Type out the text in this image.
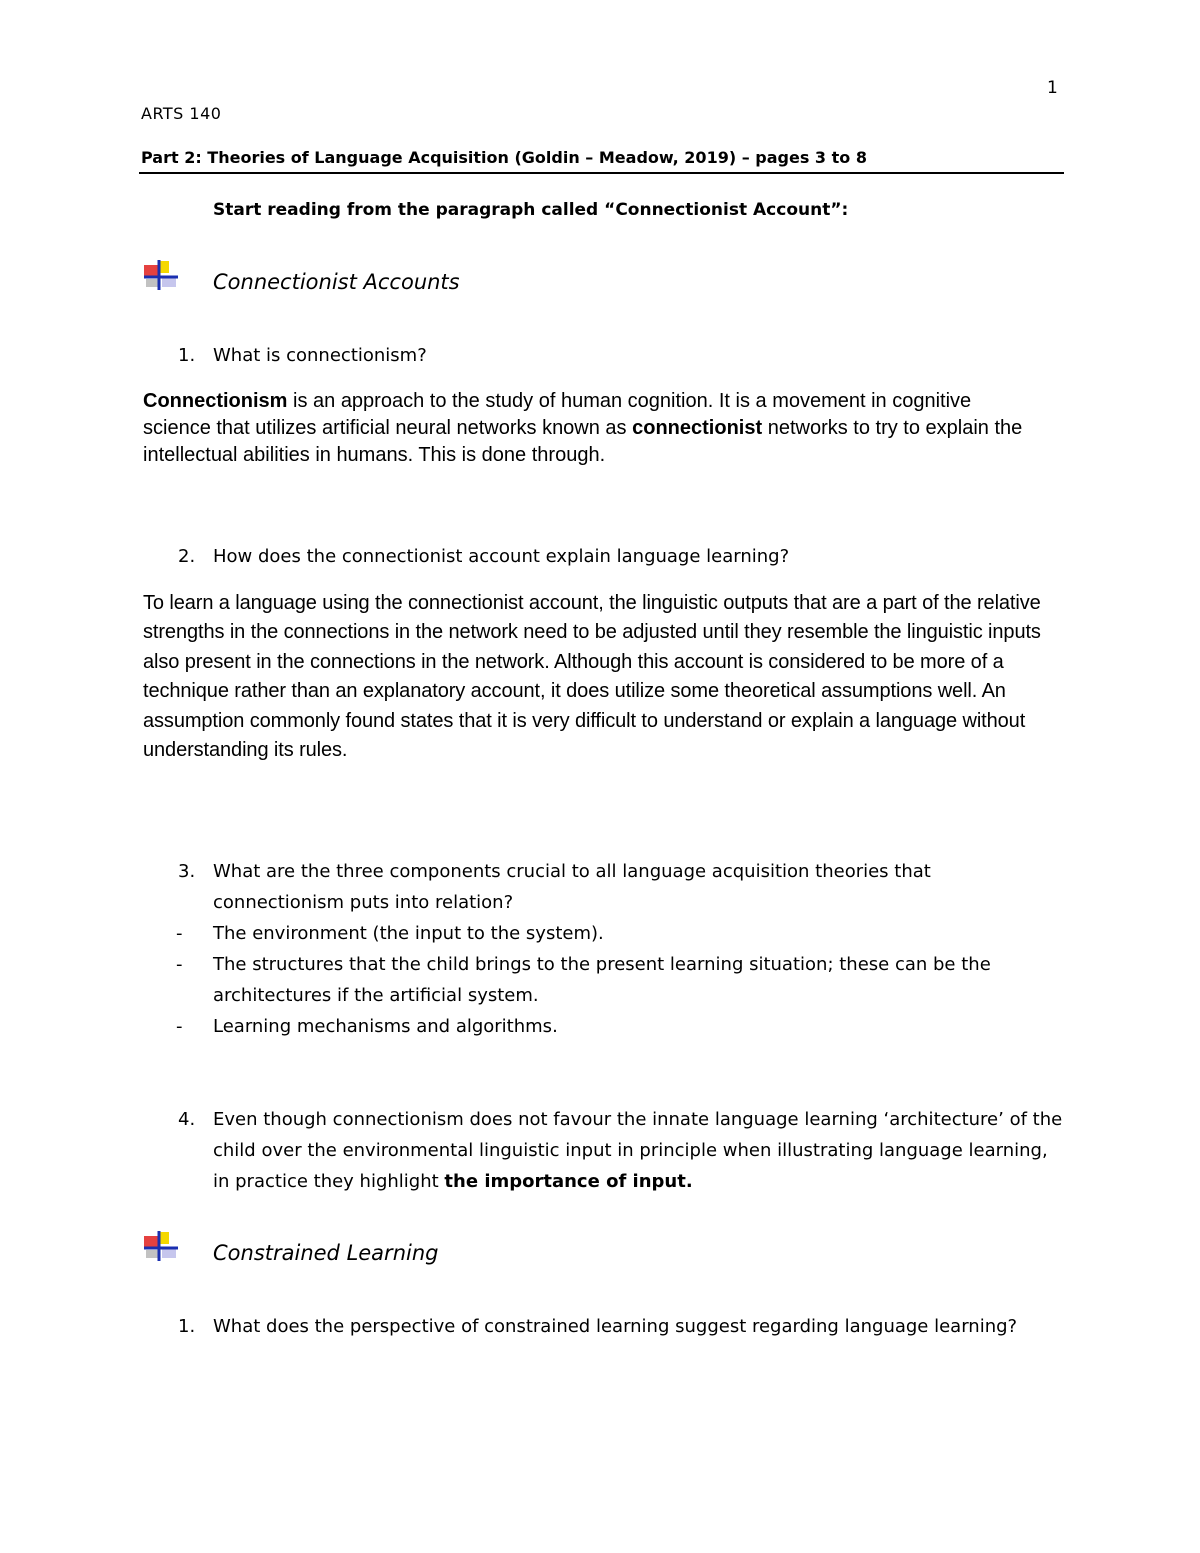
1
ARTS 140
Part 2: Theories of Language Acquisition (Goldin – Meadow, 2019) – pages 3 to 8
Start reading from the paragraph called “Connectionist Account”:
Connectionist Accounts
1. What is connectionism?

Connectionism is an approach to the study of human cognition. It is a movement in cognitive science that utilizes artificial neural networks known as connectionist networks to try to explain the intellectual abilities in humans. This is done through.

2. How does the connectionist account explain language learning?

To learn a language using the connectionist account, the linguistic outputs that are a part of the relative strengths in the connections in the network need to be adjusted until they resemble the linguistic inputs also present in the connections in the network. Although this account is considered to be more of a technique rather than an explanatory account, it does utilize some theoretical assumptions well. An assumption commonly found states that it is very difficult to understand or explain a language without understanding its rules.

3. What are the three components crucial to all language acquisition theories that connectionism puts into relation?
- The environment (the input to the system).
- The structures that the child brings to the present learning situation; these can be the architectures if the artificial system.
- Learning mechanisms and algorithms.
4. Even though connectionism does not favour the innate language learning ‘architecture’ of the child over the environmental linguistic input in principle when illustrating language learning, in practice they highlight the importance of input.
Constrained Learning
1. What does the perspective of constrained learning suggest regarding language learning?
